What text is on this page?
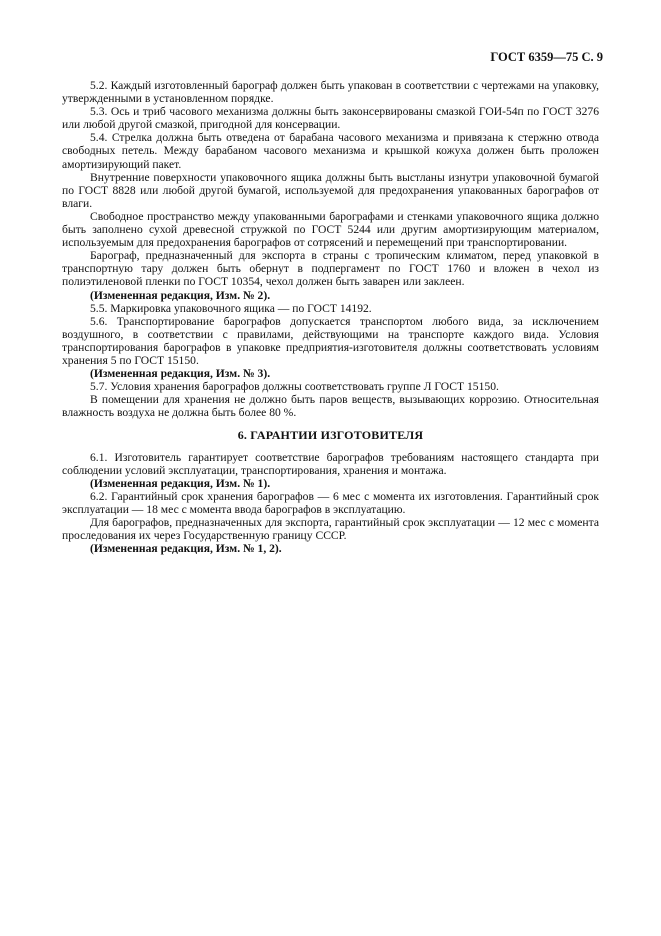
ГОСТ 6359—75 С. 9

5.2. Каждый изготовленный барограф должен быть упакован в соответствии с чертежами на упаковку, утвержденными в установленном порядке.

5.3. Ось и триб часового механизма должны быть законсервированы смазкой ГОИ-54п по ГОСТ 3276 или любой другой смазкой, пригодной для консервации.

5.4. Стрелка должна быть отведена от барабана часового механизма и привязана к стержню отвода свободных петель. Между барабаном часового механизма и крышкой кожуха должен быть проложен амортизирующий пакет.

Внутренние поверхности упаковочного ящика должны быть выстланы изнутри упаковочной бумагой по ГОСТ 8828 или любой другой бумагой, используемой для предохранения упакованных барографов от влаги.

Свободное пространство между упакованными барографами и стенками упаковочного ящика должно быть заполнено сухой древесной стружкой по ГОСТ 5244 или другим амортизирующим материалом, используемым для предохранения барографов от сотрясений и перемещений при транспортировании.

Барограф, предназначенный для экспорта в страны с тропическим климатом, перед упаковкой в транспортную тару должен быть обернут в подпергамент по ГОСТ 1760 и вложен в чехол из полиэтиленовой пленки по ГОСТ 10354, чехол должен быть заварен или заклеен.

(Измененная редакция, Изм. № 2).

5.5. Маркировка упаковочного ящика — по ГОСТ 14192.

5.6. Транспортирование барографов допускается транспортом любого вида, за исключением воздушного, в соответствии с правилами, действующими на транспорте каждого вида. Условия транспортирования барографов в упаковке предприятия-изготовителя должны соответствовать условиям хранения 5 по ГОСТ 15150.

(Измененная редакция, Изм. № 3).

5.7. Условия хранения барографов должны соответствовать группе Л ГОСТ 15150.

В помещении для хранения не должно быть паров веществ, вызывающих коррозию. Относительная влажность воздуха не должна быть более 80 %.

6. ГАРАНТИИ ИЗГОТОВИТЕЛЯ

6.1. Изготовитель гарантирует соответствие барографов требованиям настоящего стандарта при соблюдении условий эксплуатации, транспортирования, хранения и монтажа.

(Измененная редакция, Изм. № 1).

6.2. Гарантийный срок хранения барографов — 6 мес с момента их изготовления. Гарантийный срок эксплуатации — 18 мес с момента ввода барографов в эксплуатацию.

Для барографов, предназначенных для экспорта, гарантийный срок эксплуатации — 12 мес с момента проследования их через Государственную границу СССР.

(Измененная редакция, Изм. № 1, 2).
